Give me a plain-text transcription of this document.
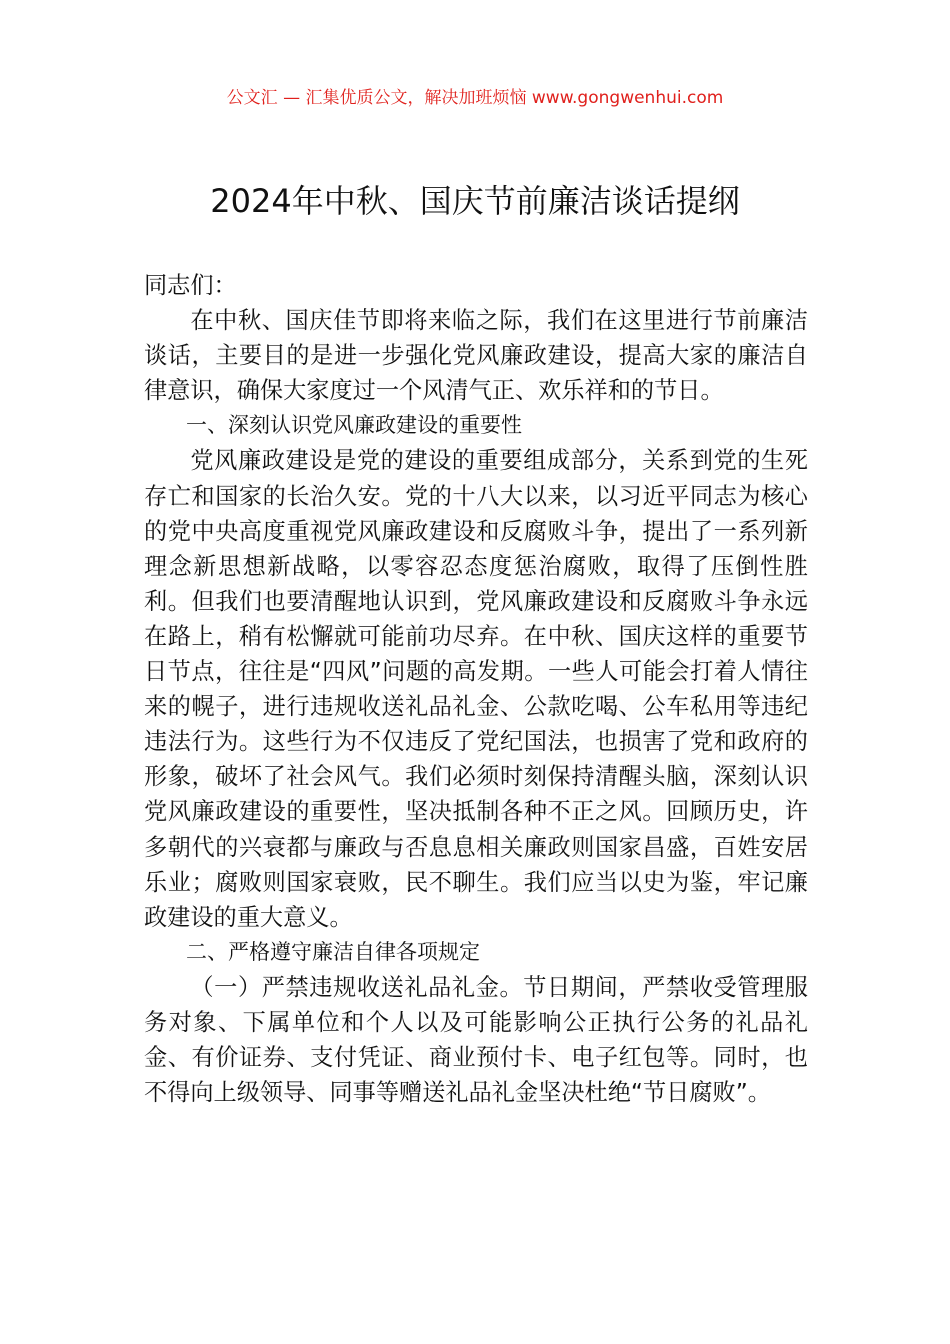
公文汇 — 汇集优质公文，解决加班烦恼 www.gongwenhui.com
2024年中秋、国庆节前廉洁谈话提纲

同志们：

在中秋、国庆佳节即将来临之际，我们在这里进行节前廉洁谈话，主要目的是进一步强化党风廉政建设，提高大家的廉洁自律意识，确保大家度过一个风清气正、欢乐祥和的节日。

一、深刻认识党风廉政建设的重要性

党风廉政建设是党的建设的重要组成部分，关系到党的生死存亡和国家的长治久安。党的十八大以来，以习近平同志为核心的党中央高度重视党风廉政建设和反腐败斗争，提出了一系列新理念新思想新战略，以零容忍态度惩治腐败，取得了压倒性胜利。但我们也要清醒地认识到，党风廉政建设和反腐败斗争永远在路上，稍有松懈就可能前功尽弃。在中秋、国庆这样的重要节日节点，往往是“四风”问题的高发期。一些人可能会打着人情往来的幌子，进行违规收送礼品礼金、公款吃喝、公车私用等违纪违法行为。这些行为不仅违反了党纪国法，也损害了党和政府的形象，破坏了社会风气。我们必须时刻保持清醒头脑，深刻认识党风廉政建设的重要性，坚决抵制各种不正之风。回顾历史，许多朝代的兴衰都与廉政与否息息相关廉政则国家昌盛，百姓安居乐业；腐败则国家衰败，民不聊生。我们应当以史为鉴，牢记廉政建设的重大意义。

二、严格遵守廉洁自律各项规定

（一）严禁违规收送礼品礼金。节日期间，严禁收受管理服务对象、下属单位和个人以及可能影响公正执行公务的礼品礼金、有价证券、支付凭证、商业预付卡、电子红包等。同时，也不得向上级领导、同事等赠送礼品礼金坚决杜绝“节日腐败”。
